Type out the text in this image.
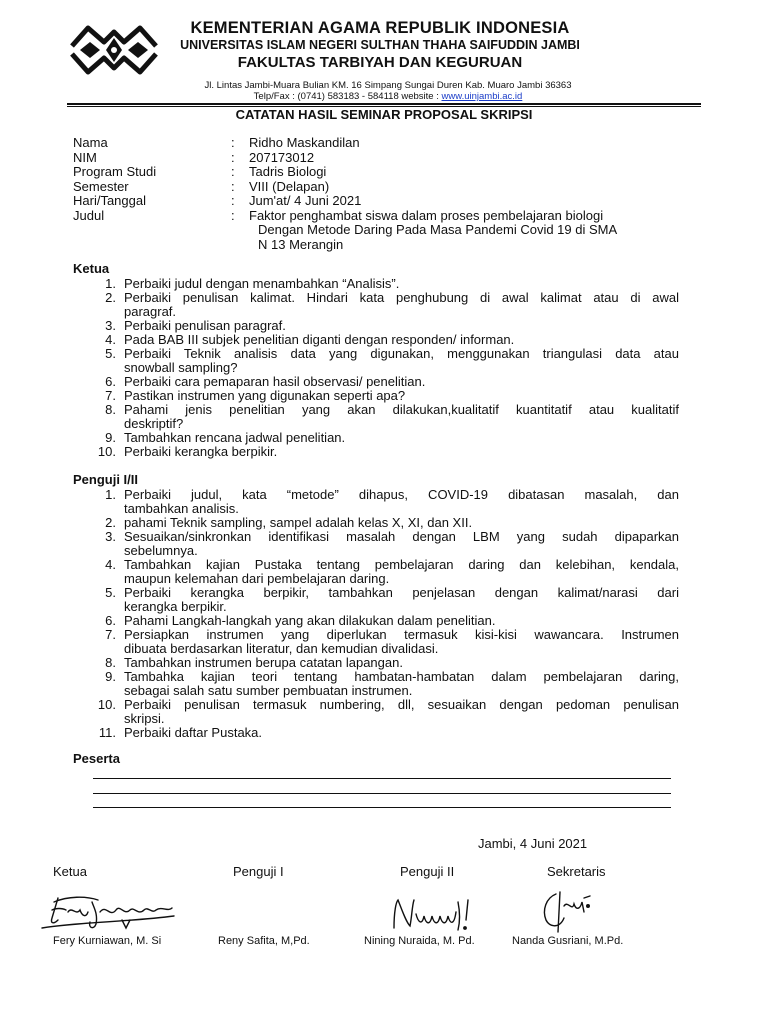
KEMENTERIAN AGAMA REPUBLIK INDONESIA
UNIVERSITAS ISLAM NEGERI SULTHAN THAHA SAIFUDDIN JAMBI
FAKULTAS TARBIYAH DAN KEGURUAN
Jl. Lintas Jambi-Muara Bulian KM. 16 Simpang Sungai Duren Kab. Muaro Jambi 36363
Telp/Fax : (0741) 583183 - 584118 website : www.uinjambi.ac.id
CATATAN HASIL SEMINAR PROPOSAL SKRIPSI
Nama	:	Ridho Maskandilan
NIM	:	207173012
Program Studi	:	Tadris Biologi
Semester	:	VIII (Delapan)
Hari/Tanggal	:	Jum'at/ 4 Juni 2021
Judul	:	Faktor penghambat siswa dalam proses pembelajaran biologi
Dengan Metode Daring Pada Masa Pandemi Covid 19 di SMA
N 13 Merangin
Ketua
1. Perbaiki judul dengan menambahkan “Analisis”.
2. Perbaiki penulisan kalimat. Hindari kata penghubung di awal kalimat atau di awal
paragraf.
3. Perbaiki penulisan paragraf.
4. Pada BAB III subjek penelitian diganti dengan responden/ informan.
5. Perbaiki Teknik analisis data yang digunakan, menggunakan triangulasi data atau
snowball sampling?
6. Perbaiki cara pemaparan hasil observasi/ penelitian.
7. Pastikan instrumen yang digunakan seperti apa?
8. Pahami jenis penelitian yang akan dilakukan,kualitatif kuantitatif atau kualitatif
deskriptif?
9. Tambahkan rencana jadwal penelitian.
10. Perbaiki kerangka berpikir.
Penguji I/II
1. Perbaiki judul, kata “metode” dihapus, COVID-19 dibatasan masalah, dan
tambahkan analisis.
2. pahami Teknik sampling, sampel adalah kelas X, XI, dan XII.
3. Sesuaikan/sinkronkan identifikasi masalah dengan LBM yang sudah dipaparkan
sebelumnya.
4. Tambahkan kajian Pustaka tentang pembelajaran daring dan kelebihan, kendala,
maupun kelemahan dari pembelajaran daring.
5. Perbaiki kerangka berpikir, tambahkan penjelasan dengan kalimat/narasi dari
kerangka berpikir.
6. Pahami Langkah-langkah yang akan dilakukan dalam penelitian.
7. Persiapkan instrumen yang diperlukan termasuk kisi-kisi wawancara. Instrumen
dibuata berdasarkan literatur, dan kemudian divalidasi.
8. Tambahkan instrumen berupa catatan lapangan.
9. Tambahka kajian teori tentang hambatan-hambatan dalam pembelajaran daring,
sebagai salah satu sumber pembuatan instrumen.
10. Perbaiki penulisan termasuk numbering, dll, sesuaikan dengan pedoman penulisan
skripsi.
11. Perbaiki daftar Pustaka.
Peserta
Jambi, 4 Juni 2021
Ketua	Penguji I	Penguji II	Sekretaris
Fery Kurniawan, M. Si	Reny Safita, M,Pd.	Nining Nuraida, M. Pd.	Nanda Gusriani, M.Pd.
